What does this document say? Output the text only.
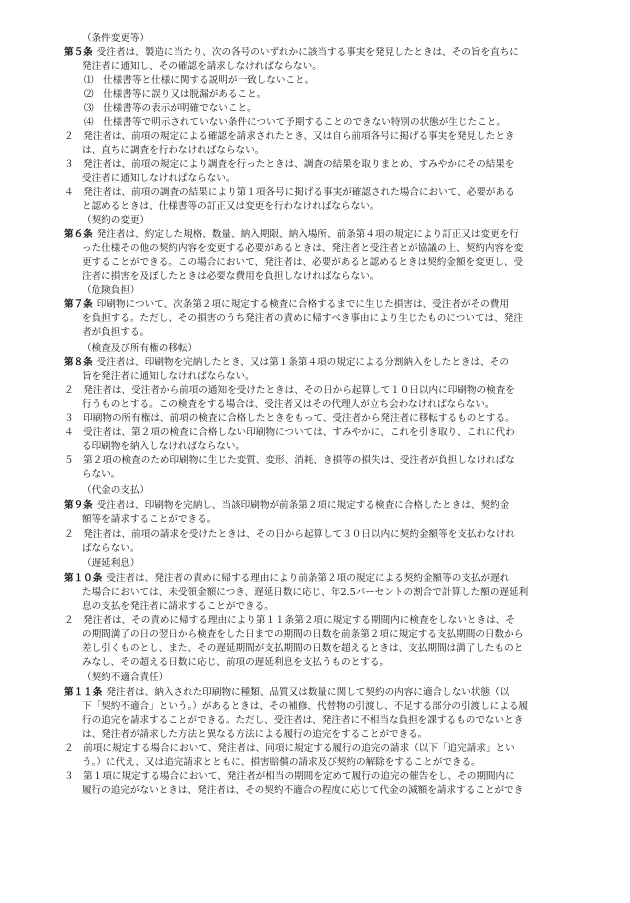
（条件変更等）
第５条 受注者は、製造に当たり、次の各号のいずれかに該当する事実を発見したときは、その旨を直ちに
発注者に通知し、その確認を請求しなければならない。
⑴　仕様書等と仕様に関する説明が一致しないこと。
⑵　仕様書等に誤り又は脱漏があること。
⑶　仕様書等の表示が明確でないこと。
⑷　仕様書等で明示されていない条件について予期することのできない特別の状態が生じたこと。
２　発注者は、前項の規定による確認を請求されたとき、又は自ら前項各号に掲げる事実を発見したとき
は、直ちに調査を行わなければならない。
３　発注者は、前項の規定により調査を行ったときは、調査の結果を取りまとめ、すみやかにその結果を
受注者に通知しなければならない。
４　発注者は、前項の調査の結果により第１項各号に掲げる事実が確認された場合において、必要がある
と認めるときは、仕様書等の訂正又は変更を行わなければならない。
（契約の変更）
第６条 発注者は、約定した規格、数量、納入期限、納入場所、前条第４項の規定により訂正又は変更を行
った仕様その他の契約内容を変更する必要があるときは、発注者と受注者とが協議の上、契約内容を変
更することができる。この場合において、発注者は、必要があると認めるときは契約金額を変更し、受
注者に損害を及ぼしたときは必要な費用を負担しなければならない。
（危険負担）
第７条 印刷物について、次条第２項に規定する検査に合格するまでに生じた損害は、受注者がその費用
を負担する。ただし、その損害のうち発注者の責めに帰すべき事由により生じたものについては、発注
者が負担する。
（検査及び所有権の移転）
第８条 受注者は、印刷物を完納したとき、又は第１条第４項の規定による分割納入をしたときは、その
旨を発注者に通知しなければならない。
２　発注者は、受注者から前項の通知を受けたときは、その日から起算して１０日以内に印刷物の検査を
行うものとする。この検査をする場合は、受注者又はその代理人が立ち会わなければならない。
３　印刷物の所有権は、前項の検査に合格したときをもって、受注者から発注者に移転するものとする。
４　受注者は、第２項の検査に合格しない印刷物については、すみやかに、これを引き取り、これに代わ
る印刷物を納入しなければならない。
５　第２項の検査のため印刷物に生じた変質、変形、消耗、き損等の損失は、受注者が負担しなければな
らない。
（代金の支払）
第９条 受注者は、印刷物を完納し、当該印刷物が前条第２項に規定する検査に合格したときは、契約金
額等を請求することができる。
２　発注者は、前項の請求を受けたときは、その日から起算して３０日以内に契約金額等を支払わなけれ
ばならない。
（遅延利息）
第１０条 受注者は、発注者の責めに帰する理由により前条第２項の規定による契約金額等の支払が遅れ
た場合においては、未受領金額につき、遅延日数に応じ、年2.5パーセントの割合で計算した額の遅延利
息の支払を発注者に請求することができる。
２　発注者は、その責めに帰する理由により第１１条第２項に規定する期間内に検査をしないときは、そ
の期間満了の日の翌日から検査をした日までの期間の日数を前条第２項に規定する支払期間の日数から
差し引くものとし、また、その遅延期間が支払期間の日数を超えるときは、支払期間は満了したものと
みなし、その超える日数に応じ、前項の遅延利息を支払うものとする。
（契約不適合責任）
第１１条 発注者は、納入された印刷物に種類、品質又は数量に関して契約の内容に適合しない状態（以
下「契約不適合」という。）があるときは、その補修、代替物の引渡し、不足する部分の引渡しによる履
行の追完を請求することができる。ただし、受注者は、発注者に不相当な負担を課するものでないとき
は、発注者が請求した方法と異なる方法による履行の追完をすることができる。
２　前項に規定する場合において、発注者は、同項に規定する履行の追完の請求（以下「追完請求」とい
う。）に代え、又は追完請求とともに、損害賠償の請求及び契約の解除をすることができる。
３　第１項に規定する場合において、発注者が相当の期間を定めて履行の追完の催告をし、その期間内に
履行の追完がないときは、発注者は、その契約不適合の程度に応じて代金の減額を請求することができ
